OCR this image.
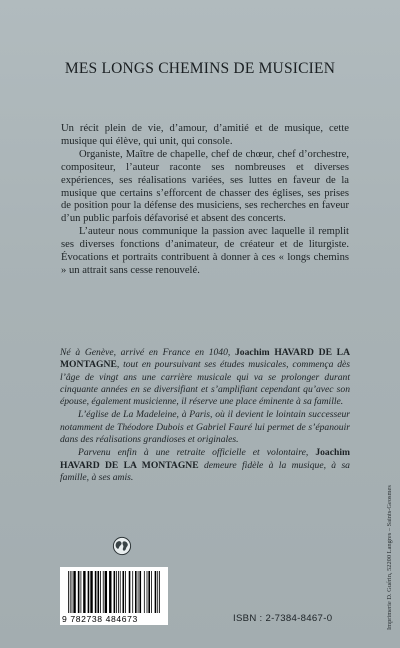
MES LONGS CHEMINS DE MUSICIEN

Un récit plein de vie, d’amour, d’amitié et de musique, cette musique qui élève, qui unit, qui console.

Organiste, Maître de chapelle, chef de chœur, chef d’orchestre, compositeur, l’auteur raconte ses nombreuses et diverses expériences, ses réalisations variées, ses luttes en faveur de la musique que certains s’efforcent de chasser des églises, ses prises de position pour la défense des musiciens, ses recherches en faveur d’un public parfois défavorisé et absent des concerts.

L’auteur nous communique la passion avec laquelle il remplit ses diverses fonctions d’animateur, de créateur et de liturgiste. Évocations et portraits contribuent à donner à ces « longs chemins » un attrait sans cesse renouvelé.

Né à Genève, arrivé en France en 1040, Joachim HAVARD DE LA MONTAGNE, tout en poursuivant ses études musicales, commença dès l’âge de vingt ans une carrière musicale qui va se prolonger durant cinquante années en se diversifiant et s’amplifiant cependant qu’avec son épouse, également musicienne, il réserve une place éminente à sa famille.

L’église de La Madeleine, à Paris, où il devient le lointain successeur notamment de Théodore Dubois et Gabriel Fauré lui permet de s’épanouir dans des réalisations grandioses et originales.

Parvenu enfin à une retraite officielle et volontaire, Joachim HAVARD DE LA MONTAGNE demeure fidèle à la musique, à sa famille, à ses amis.

9 782738 484673	ISBN : 2-7384-8467-0	Imprimerie D. Guérin, 52200 Langres – Saints-Geosmes
